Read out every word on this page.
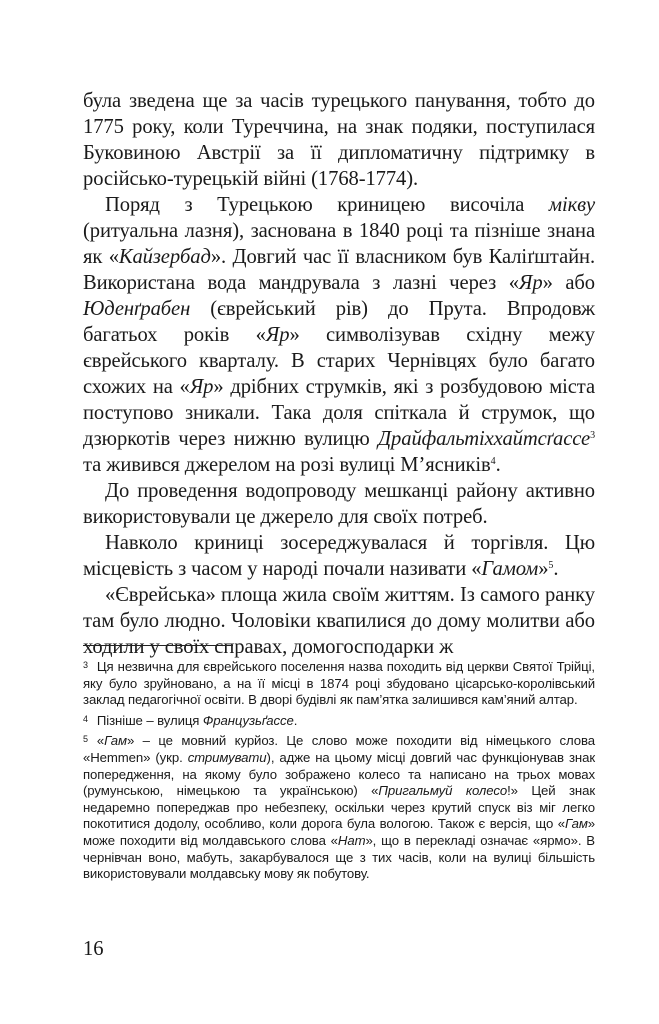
була зведена ще за часів турецького панування, тобто до 1775 року, коли Туреччина, на знак подяки, поступилася Буковиною Австрії за її дипломатичну підтримку в російсько-турецькій війні (1768-1774).

Поряд з Турецькою криницею височіла мікву (ритуальна лазня), заснована в 1840 році та пізніше знана як «Кайзербад». Довгий час її власником був Каліґштайн. Використана вода мандрувала з лазні через «Яр» або Юденґрабен (єврейський рів) до Прута. Впродовж багатьох років «Яр» символізував східну межу єврейського кварталу. В старих Чернівцях було багато схожих на «Яр» дрібних струмків, які з розбудовою міста поступово зникали. Така доля спіткала й струмок, що дзюркотів через нижню вулицю Драйфальтіххайтсґассе$^3$ та живився джерелом на розі вулиці М’ясників$^4$.

До проведення водопроводу мешканці району активно використовували це джерело для своїх потреб.

Навколо криниці зосереджувалася й торгівля. Цю місцевість з часом у народі почали називати «Гамом»$^5$.

«Єврейська» площа жила своїм життям. Із самого ранку там було людно. Чоловіки квапилися до дому молитви або ходили у своїх справах, домогосподарки ж

$^3$ Ця незвична для єврейського поселення назва походить від церкви Святої Трійці, яку було зруйновано, а на її місці в 1874 році збудовано цісарсько-королівський заклад педагогічної освіти. В дворі будівлі як пам’ятка залишився кам’яний алтар.

$^4$ Пізніше – вулиця Французьґассе.

$^5$ «Гам» – це мовний курйоз. Це слово може походити від німецького слова «Hemmen» (укр. стримувати), адже на цьому місці довгий час функціонував знак попередження, на якому було зображено колесо та написано на трьох мовах (румунською, німецькою та українською) «Пригальмуй колесо!» Цей знак недаремно попереджав про небезпеку, оскільки через крутий спуск віз міг легко покотитися додолу, особливо, коли дорога була вологою. Також є версія, що «Гам» може походити від молдавського слова «Ham», що в перекладі означає «ярмо». В чернівчан воно, мабуть, закарбувалося ще з тих часів, коли на вулиці більшість використовували молдавську мову як побутову.

16
